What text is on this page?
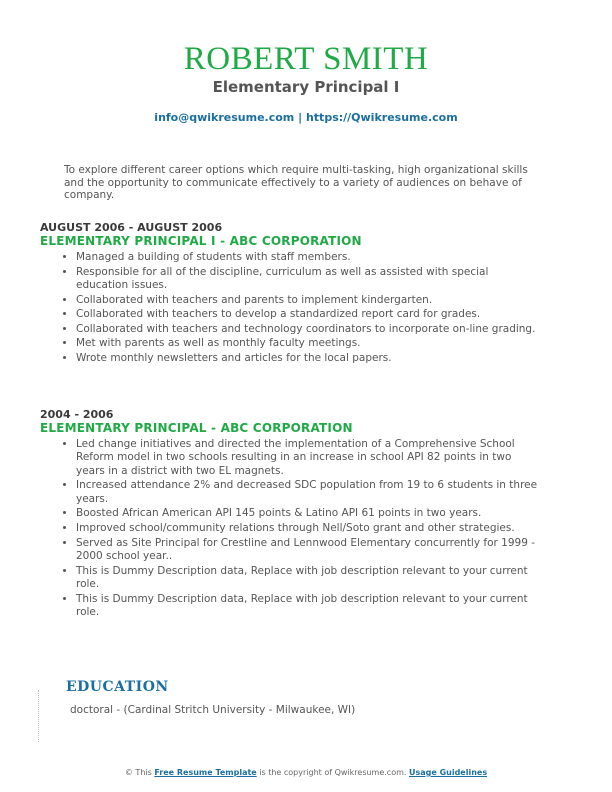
ROBERT SMITH
Elementary Principal I
info@qwikresume.com | https://Qwikresume.com
To explore different career options which require multi-tasking, high organizational skills and the opportunity to communicate effectively to a variety of audiences on behave of company.
AUGUST 2006 - AUGUST 2006
ELEMENTARY PRINCIPAL I - ABC CORPORATION
• Managed a building of students with staff members.
• Responsible for all of the discipline, curriculum as well as assisted with special education issues.
• Collaborated with teachers and parents to implement kindergarten.
• Collaborated with teachers to develop a standardized report card for grades.
• Collaborated with teachers and technology coordinators to incorporate on-line grading.
• Met with parents as well as monthly faculty meetings.
• Wrote monthly newsletters and articles for the local papers.
2004 - 2006
ELEMENTARY PRINCIPAL - ABC CORPORATION
• Led change initiatives and directed the implementation of a Comprehensive School Reform model in two schools resulting in an increase in school API 82 points in two years in a district with two EL magnets.
• Increased attendance 2% and decreased SDC population from 19 to 6 students in three years.
• Boosted African American API 145 points & Latino API 61 points in two years.
• Improved school/community relations through Nell/Soto grant and other strategies.
• Served as Site Principal for Crestline and Lennwood Elementary concurrently for 1999 - 2000 school year..
• This is Dummy Description data, Replace with job description relevant to your current role.
• This is Dummy Description data, Replace with job description relevant to your current role.
EDUCATION
doctoral - (Cardinal Stritch University - Milwaukee, WI)
© This Free Resume Template is the copyright of Qwikresume.com. Usage Guidelines
